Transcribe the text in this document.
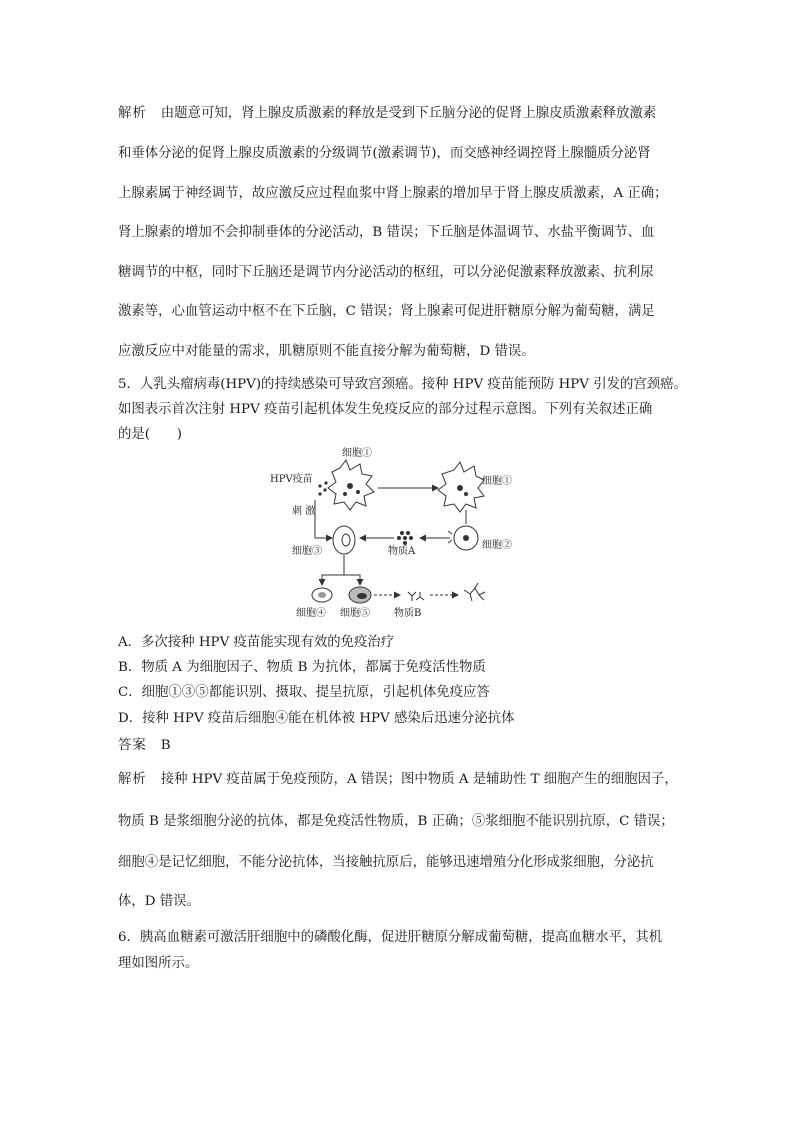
解析 由题意可知，肾上腺皮质激素的释放是受到下丘脑分泌的促肾上腺皮质激素释放激素
和垂体分泌的促肾上腺皮质激素的分级调节(激素调节)，而交感神经调控肾上腺髓质分泌肾
上腺素属于神经调节，故应激反应过程血浆中肾上腺素的增加早于肾上腺皮质激素，A 正确；
肾上腺素的增加不会抑制垂体的分泌活动，B 错误；下丘脑是体温调节、水盐平衡调节、血
糖调节的中枢，同时下丘脑还是调节内分泌活动的枢纽，可以分泌促激素释放激素、抗利尿
激素等，心血管运动中枢不在下丘脑，C 错误；肾上腺素可促进肝糖原分解为葡萄糖，满足
应激反应中对能量的需求，肌糖原则不能直接分解为葡萄糖，D 错误。
5．人乳头瘤病毒(HPV)的持续感染可导致宫颈癌。接种 HPV 疫苗能预防 HPV 引发的宫颈癌。
如图表示首次注射 HPV 疫苗引起机体发生免疫反应的部分过程示意图。下列有关叙述正确
的是(　　)
细胞①
HPV疫苗	细胞①
细胞②
物质A
刺 激
细胞③
细胞④ 细胞⑤ 物质B
A．多次接种 HPV 疫苗能实现有效的免疫治疗
B．物质 A 为细胞因子、物质 B 为抗体，都属于免疫活性物质
C．细胞①③⑤都能识别、摄取、提呈抗原，引起机体免疫应答
D．接种 HPV 疫苗后细胞④能在机体被 HPV 感染后迅速分泌抗体
答案 B
解析 接种 HPV 疫苗属于免疫预防，A 错误；图中物质 A 是辅助性 T 细胞产生的细胞因子，
物质 B 是浆细胞分泌的抗体，都是免疫活性物质，B 正确；⑤浆细胞不能识别抗原，C 错误；
细胞④是记忆细胞，不能分泌抗体，当接触抗原后，能够迅速增殖分化形成浆细胞，分泌抗
体，D 错误。
6．胰高血糖素可激活肝细胞中的磷酸化酶，促进肝糖原分解成葡萄糖，提高血糖水平，其机
理如图所示。
